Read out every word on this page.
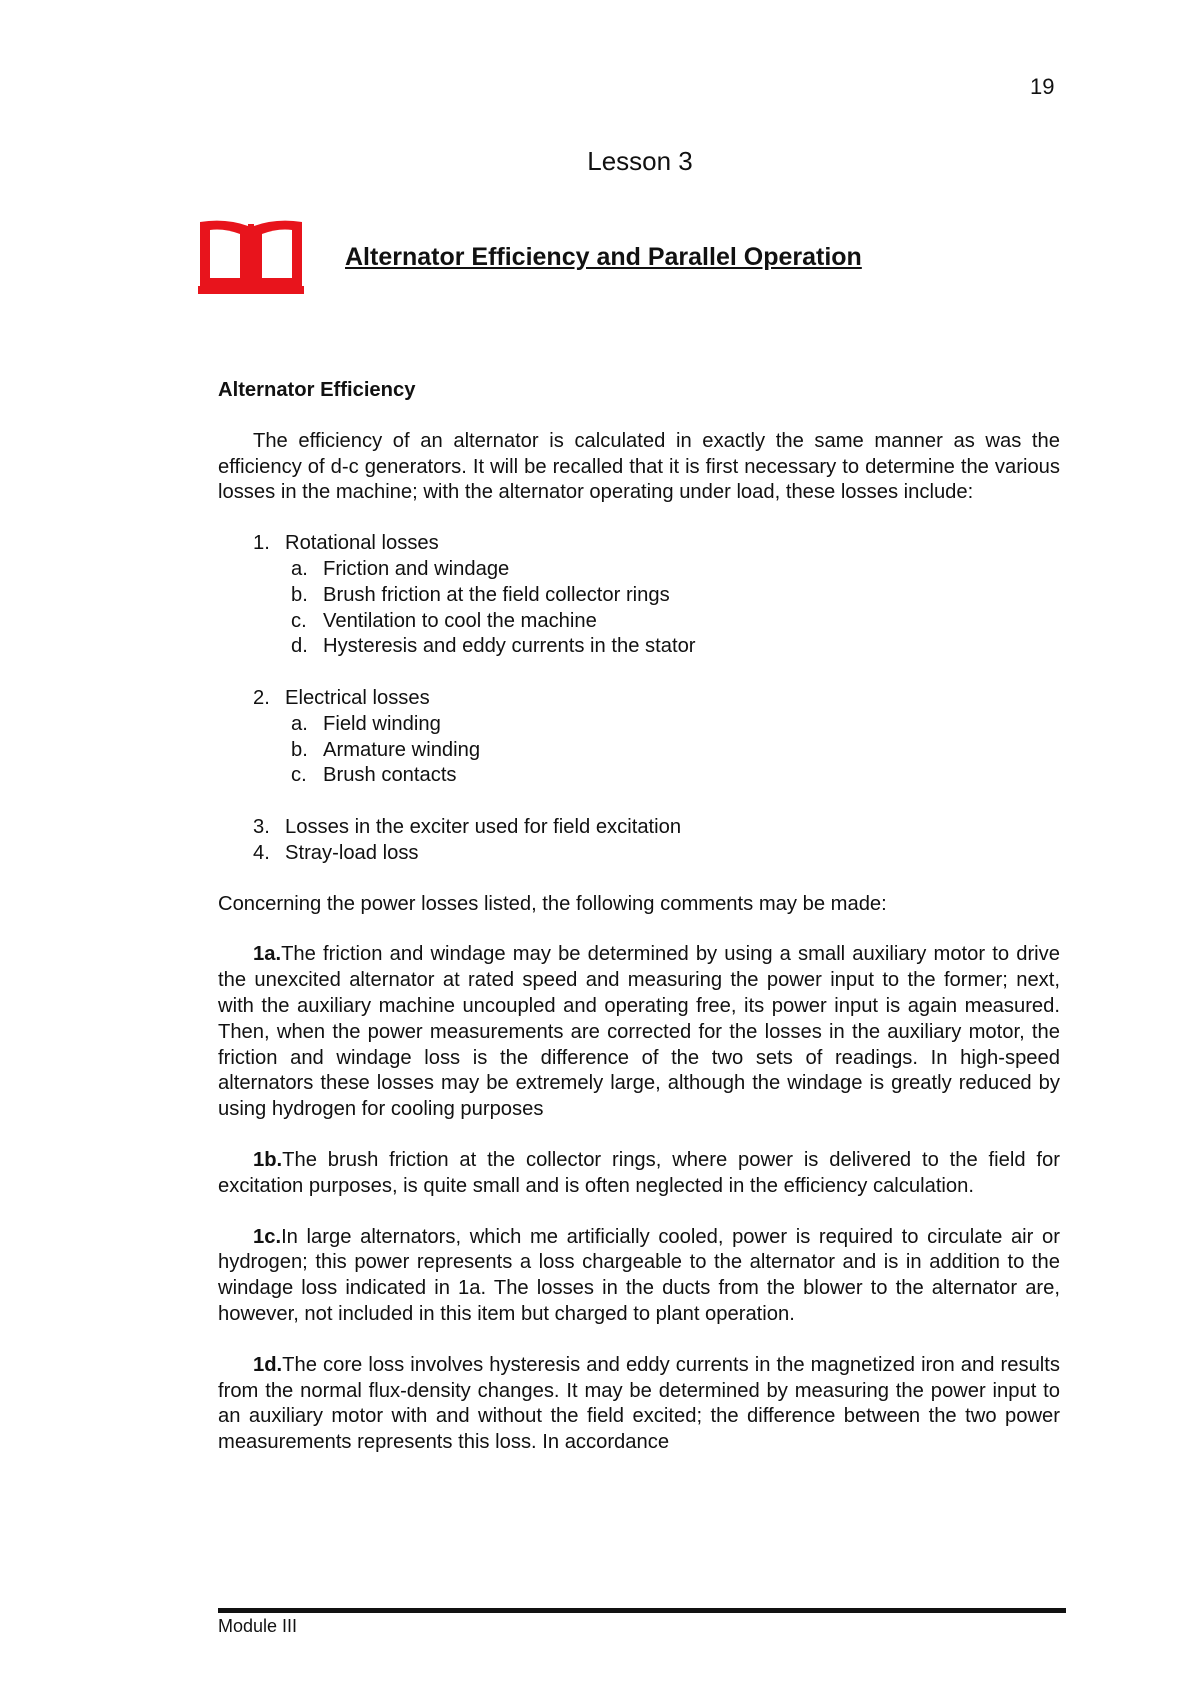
19
Lesson 3
Alternator Efficiency and Parallel Operation
Alternator Efficiency
The efficiency of an alternator is calculated in exactly the same manner as was the efficiency of d-c generators. It will be recalled that it is first necessary to determine the various losses in the machine; with the alternator operating under load, these losses include:
1. Rotational losses
a. Friction and windage
b. Brush friction at the field collector rings
c. Ventilation to cool the machine
d. Hysteresis and eddy currents in the stator
2. Electrical losses
a. Field winding
b. Armature winding
c. Brush contacts
3. Losses in the exciter used for field excitation
4. Stray-load loss
Concerning the power losses listed, the following comments may be made:
1a.The friction and windage may be determined by using a small auxiliary motor to drive the unexcited alternator at rated speed and measuring the power input to the former; next, with the auxiliary machine uncoupled and operating free, its power input is again measured. Then, when the power measurements are corrected for the losses in the auxiliary motor, the friction and windage loss is the difference of the two sets of readings. In high-speed alternators these losses may be extremely large, although the windage is greatly reduced by using hydrogen for cooling purposes
1b.The brush friction at the collector rings, where power is delivered to the field for excitation purposes, is quite small and is often neglected in the efficiency calculation.
1c.In large alternators, which me artificially cooled, power is required to circulate air or hydrogen; this power represents a loss chargeable to the alternator and is in addition to the windage loss indicated in 1a. The losses in the ducts from the blower to the alternator are, however, not included in this item but charged to plant operation.
1d.The core loss involves hysteresis and eddy currents in the magnetized iron and results from the normal flux-density changes. It may be determined by measuring the power input to an auxiliary motor with and without the field excited; the difference between the two power measurements represents this loss. In accordance
Module III
